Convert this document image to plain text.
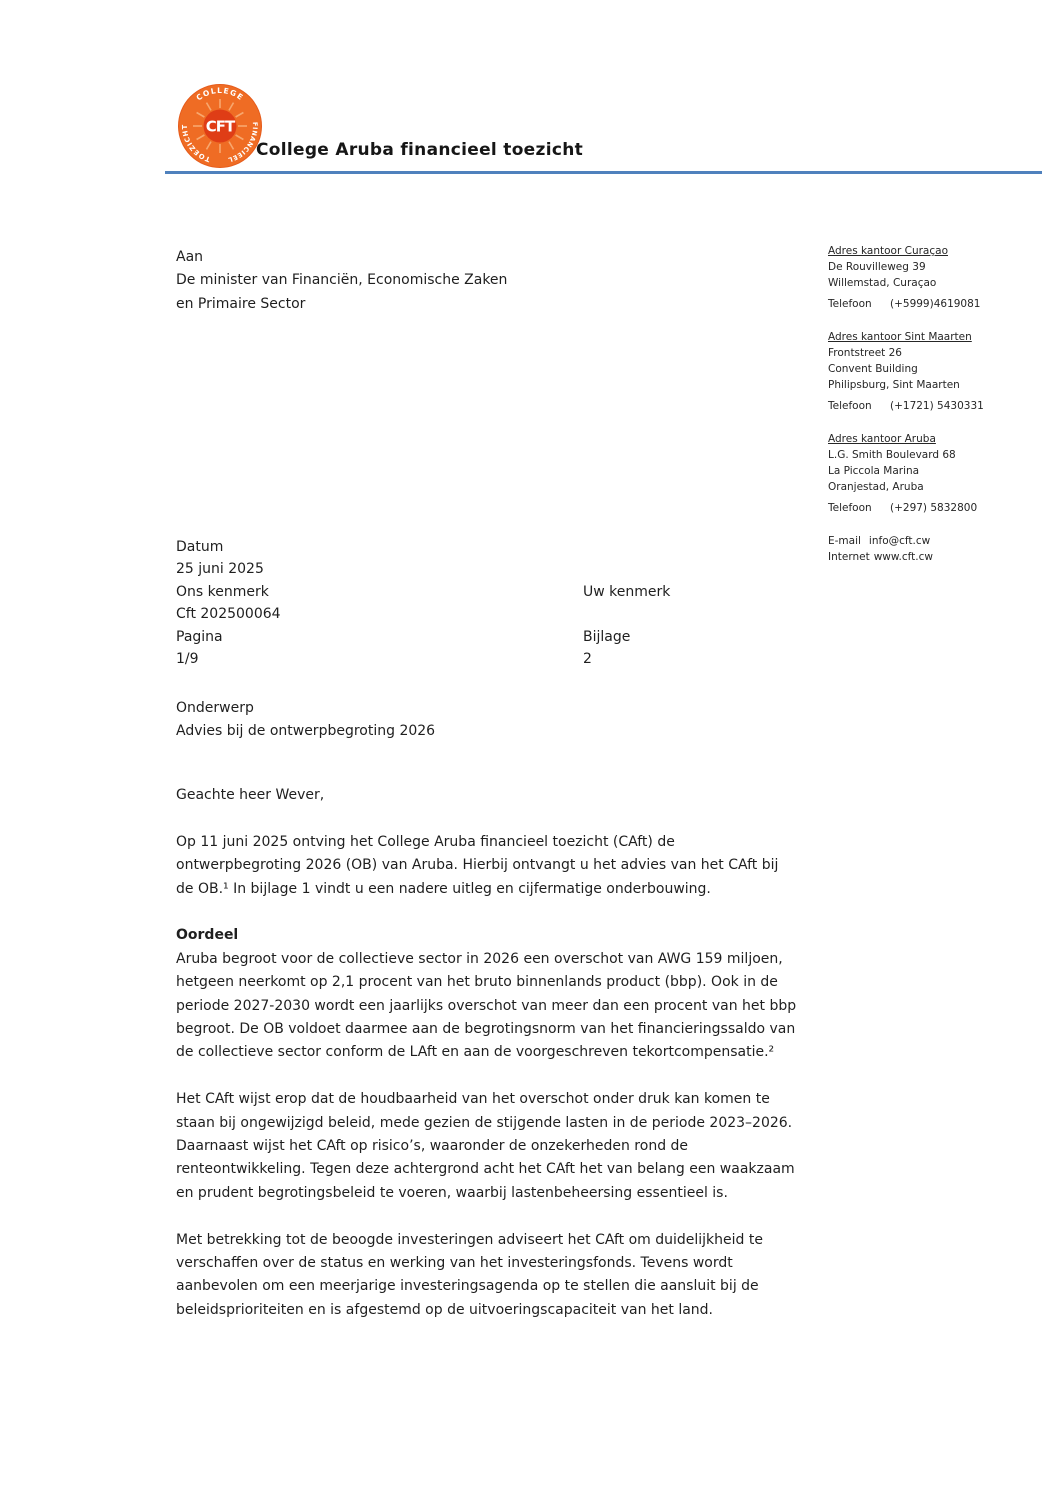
COLLEGE
FINANCIEEL
TOEZICHT	CFT
College Aruba financieel toezicht
Aan
De minister van Financiën, Economische Zaken
en Primaire Sector
Adres kantoor Curaçao
De Rouvilleweg 39
Willemstad, Curaçao
Telefoon (+5999)4619081
Adres kantoor Sint Maarten
Frontstreet 26
Convent Building
Philipsburg, Sint Maarten
Telefoon (+1721) 5430331
Adres kantoor Aruba
L.G. Smith Boulevard 68
La Piccola Marina
Oranjestad, Aruba
Telefoon (+297) 5832800
E-mail info@cft.cw
Internet www.cft.cw
Datum
25 juni 2025
Ons kenmerk	Uw kenmerk
Cft 202500064
Pagina	Bijlage
1/9	2
Onderwerp
Advies bij de ontwerpbegroting 2026
Geachte heer Wever,
Op 11 juni 2025 ontving het College Aruba financieel toezicht (CAft) de
ontwerpbegroting 2026 (OB) van Aruba. Hierbij ontvangt u het advies van het CAft bij
de OB.¹ In bijlage 1 vindt u een nadere uitleg en cijfermatige onderbouwing.
Oordeel
Aruba begroot voor de collectieve sector in 2026 een overschot van AWG 159 miljoen,
hetgeen neerkomt op 2,1 procent van het bruto binnenlands product (bbp). Ook in de
periode 2027-2030 wordt een jaarlijks overschot van meer dan een procent van het bbp
begroot. De OB voldoet daarmee aan de begrotingsnorm van het financieringssaldo van
de collectieve sector conform de LAft en aan de voorgeschreven tekortcompensatie.²
Het CAft wijst erop dat de houdbaarheid van het overschot onder druk kan komen te
staan bij ongewijzigd beleid, mede gezien de stijgende lasten in de periode 2023–2026.
Daarnaast wijst het CAft op risico’s, waaronder de onzekerheden rond de
renteontwikkeling. Tegen deze achtergrond acht het CAft het van belang een waakzaam
en prudent begrotingsbeleid te voeren, waarbij lastenbeheersing essentieel is.
Met betrekking tot de beoogde investeringen adviseert het CAft om duidelijkheid te
verschaffen over de status en werking van het investeringsfonds. Tevens wordt
aanbevolen om een meerjarige investeringsagenda op te stellen die aansluit bij de
beleidsprioriteiten en is afgestemd op de uitvoeringscapaciteit van het land.
